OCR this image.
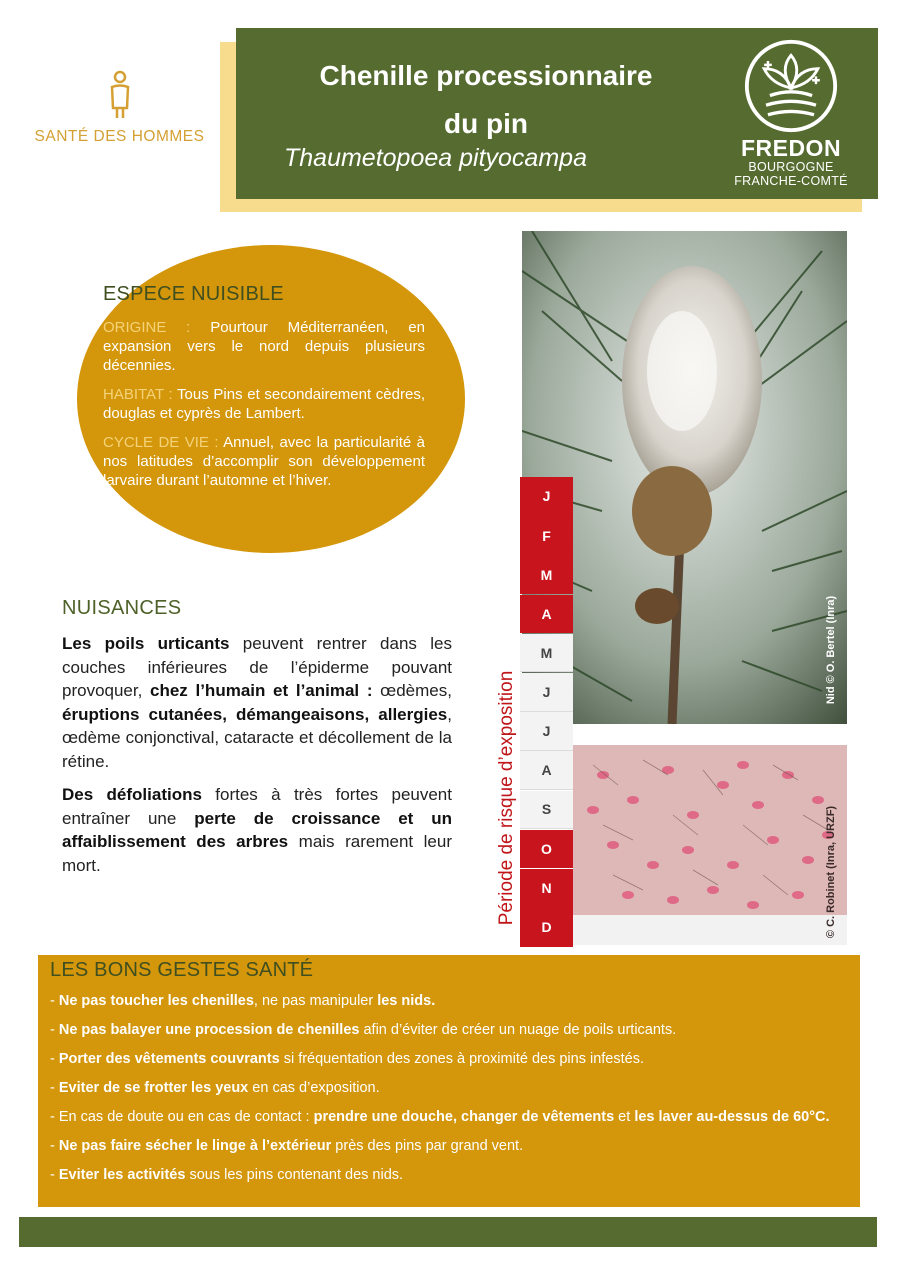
SANTÉ DES HOMMES
Chenille processionnaire
du pin
Thaumetopoea pityocampa	FREDON
BOURGOGNE
FRANCHE-COMTÉ
ESPECE NUISIBLE

ORIGINE : Pourtour Méditerranéen, en expansion vers le nord depuis plusieurs décennies.

HABITAT : Tous Pins et secondairement cèdres, douglas et cyprès de Lambert.

CYCLE DE VIE : Annuel, avec la particularité à nos latitudes d’accomplir son développement larvaire durant l’automne et l’hiver.

NUISANCES

Les poils urticants peuvent rentrer dans les couches inférieures de l’épiderme pouvant provoquer, chez l’humain et l’animal : œdèmes, éruptions cutanées, démangeaisons, allergies, œdème conjonctival, cataracte et décollement de la rétine.

Des défoliations fortes à très fortes peuvent entraîner une perte de croissance et un affaiblissement des arbres mais rarement leur mort.

Nid © O. Bertel (Inra)
© C. Robinet (Inra, URZF)
J
F
M
A
M
J
J
A
S
O
N
D
Période de risque d’exposition
LES BONS GESTES SANTÉ
- Ne pas toucher les chenilles, ne pas manipuler les nids.
- Ne pas balayer une procession de chenilles afin d’éviter de créer un nuage de poils urticants.
- Porter des vêtements couvrants si fréquentation des zones à proximité des pins infestés.
- Eviter de se frotter les yeux en cas d’exposition.
- En cas de doute ou en cas de contact : prendre une douche, changer de vêtements et les laver au-dessus de 60°C.
- Ne pas faire sécher le linge à l’extérieur près des pins par grand vent.
- Eviter les activités sous les pins contenant des nids.
